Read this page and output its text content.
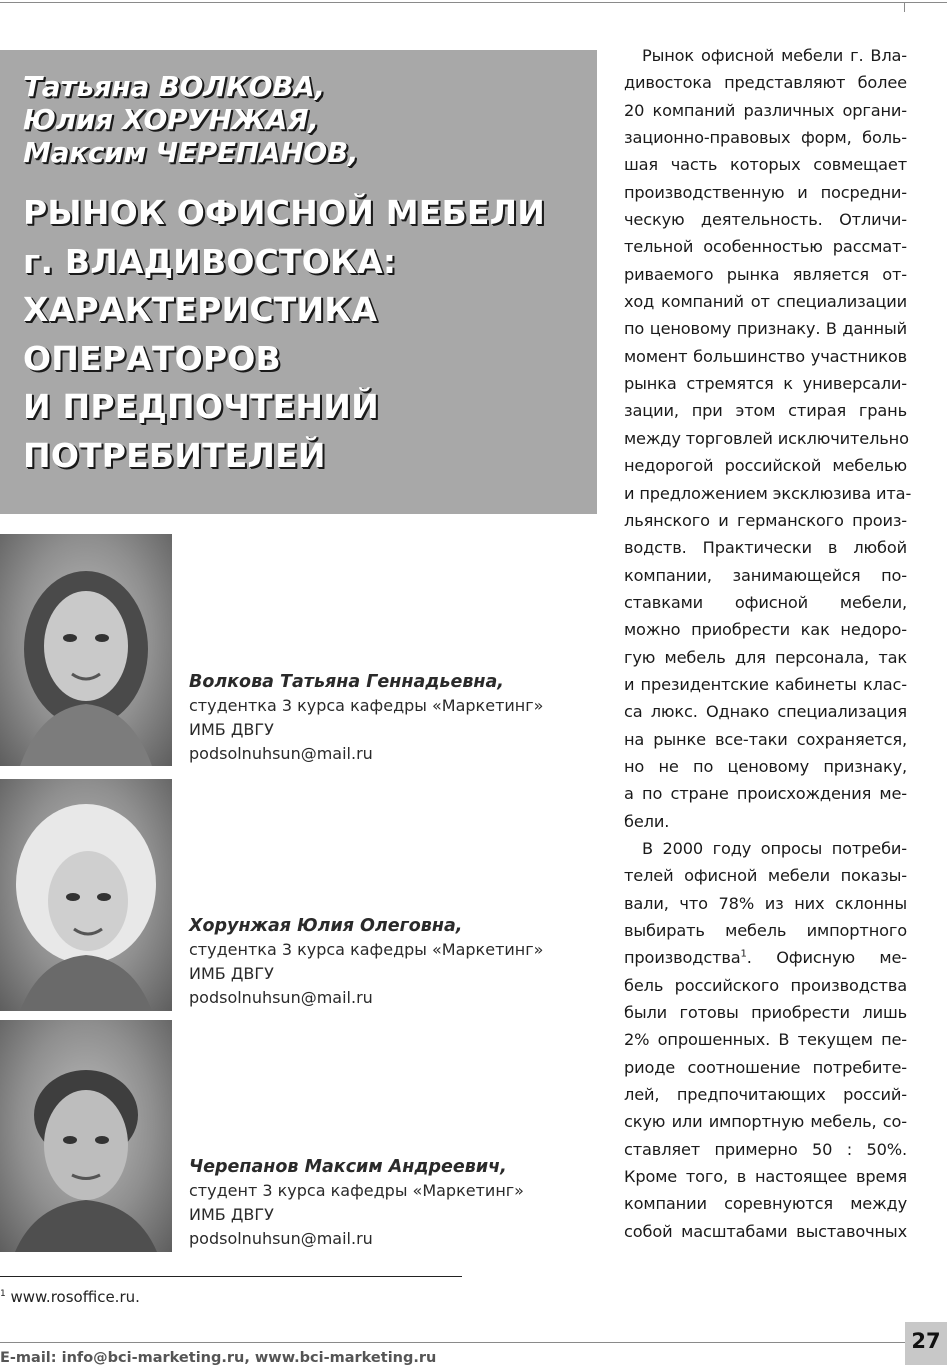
Татьяна ВОЛКОВА,
Юлия ХОРУНЖАЯ,
Максим ЧЕРЕПАНОВ,
РЫНОК ОФИСНОЙ МЕБЕЛИ
г. ВЛАДИВОСТОКА:
ХАРАКТЕРИСТИКА
ОПЕРАТОРОВ
И ПРЕДПОЧТЕНИЙ
ПОТРЕБИТЕЛЕЙ
Волкова Татьяна Геннадьевна,
студентка 3 курса кафедры «Маркетинг»
ИМБ ДВГУ
podsolnuhsun@mail.ru
Хорунжая Юлия Олеговна,
студентка 3 курса кафедры «Маркетинг»
ИМБ ДВГУ
podsolnuhsun@mail.ru
Черепанов Максим Андреевич,
студент 3 курса кафедры «Маркетинг»
ИМБ ДВГУ
podsolnuhsun@mail.ru
Рынок офисной мебели г. Вла-
дивостока представляют более
20 компаний различных органи-
зационно-правовых форм, боль-
шая часть которых совмещает
производственную и посредни-
ческую деятельность. Отличи-
тельной особенностью рассмат-
риваемого рынка является от-
ход компаний от специализации
по ценовому признаку. В данный
момент большинство участников
рынка стремятся к универсали-
зации, при этом стирая грань
между торговлей исключительно
недорогой российской мебелью
и предложением эксклюзива ита-
льянского и германского произ-
водств. Практически в любой
компании, занимающейся по-
ставками офисной мебели,
можно приобрести как недоро-
гую мебель для персонала, так
и президентские кабинеты клас-
са люкс. Однако специализация
на рынке все-таки сохраняется,
но не по ценовому признаку,
а по стране происхождения ме-
бели.
В 2000 году опросы потреби-
телей офисной мебели показы-
вали, что 78% из них склонны
выбирать мебель импортного
производства$^1$. Офисную ме-
бель российского производства
были готовы приобрести лишь
2% опрошенных. В текущем пе-
риоде соотношение потребите-
лей, предпочитающих россий-
скую или импортную мебель, со-
ставляет примерно 50 : 50%.
Кроме того, в настоящее время
компании соревнуются между
собой масштабами выставочных
$^1$ www.rosoffice.ru.
E-mail: info@bci-marketing.ru, www.bci-marketing.ru
27
